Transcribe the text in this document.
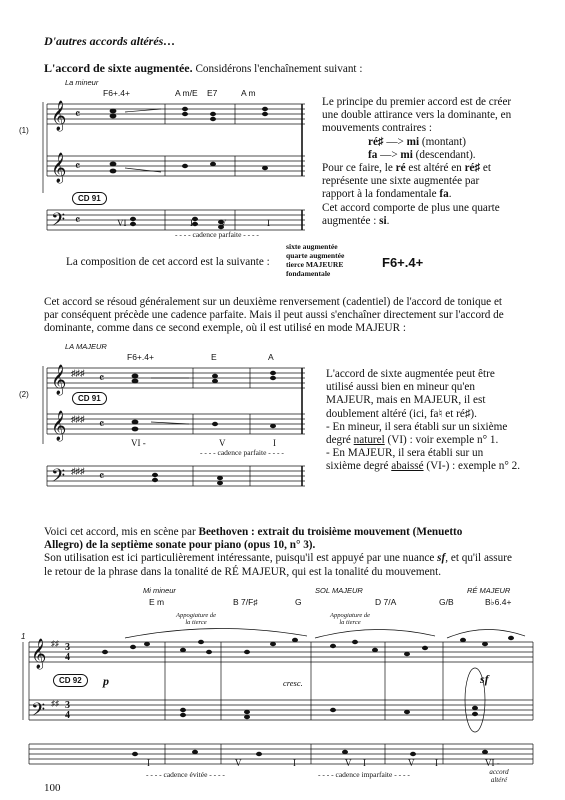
D'autres accords altérés…
L'accord de sixte augmentée. Considérons l'enchaînement suivant :
La mineur
F6+.4+	A m/E E7	A m
(1)
𝄞
𝄞
𝄢
𝄴
𝄴
𝄴
CD 91
VI	I	V	I
- - - - cadence parfaite - - - -
Le principe du premier accord est de créer
une double attirance vers la dominante, en
mouvements contraires :
ré♯ —> mi (montant)
fa —> mi (descendant).
Pour ce faire, le ré est altéré en ré♯ et
représente une sixte augmentée par
rapport à la fondamentale fa.
Cet accord comporte de plus une quarte
augmentée : si.
La composition de cet accord est la suivante :
sixte augmentée
quarte augmentée
tierce MAJEURE
fondamentale
F6+.4+
Cet accord se résoud généralement sur un deuxième renversement (cadentiel) de l'accord de tonique et
par conséquent précède une cadence parfaite. Mais il peut aussi s'enchaîner directement sur l'accord de
dominante, comme dans ce second exemple, où il est utilisé en mode MAJEUR :
LA MAJEUR
F6+.4+	E	A
(2)
𝄞
𝄞
𝄢
♯♯♯
♯♯♯
♯♯♯
𝄴
𝄴
𝄴
CD 91
VI -	V	I
- - - - cadence parfaite - - - -
L'accord de sixte augmentée peut être
utilisé aussi bien en mineur qu'en
MAJEUR, mais en MAJEUR, il est
doublement altéré (ici, fa♮ et ré♯).
- En mineur, il sera établi sur un sixième
degré naturel (VI) : voir exemple n° 1.
- En MAJEUR, il sera établi sur un
sixième degré abaissé (VI-) : exemple n° 2.
Voici cet accord, mis en scène par Beethoven : extrait du troisième mouvement (Menuetto
Allegro) de la septième sonate pour piano (opus 10, n° 3).
Son utilisation est ici particulièrement intéressante, puisqu'il est appuyé par une nuance sf, et qu'il assure
le retour de la phrase dans la tonalité de RÉ MAJEUR, qui est la tonalité du mouvement.
Mi mineur	SOL MAJEUR	RÉ MAJEUR
E m	B 7/F♯	G	D 7/A	G/B	B♭6.4+
Appogiature de la tierce
Appogiature de la tierce
1
𝄞
𝄢
♯♯
♯♯
3
4
3
4
CD 92	p	cresc.	sf
I	V	I	V I	V I	VI -
- - - - cadence évitée - - - -	- - - - cadence imparfaite - - - -	accord altéré
100
